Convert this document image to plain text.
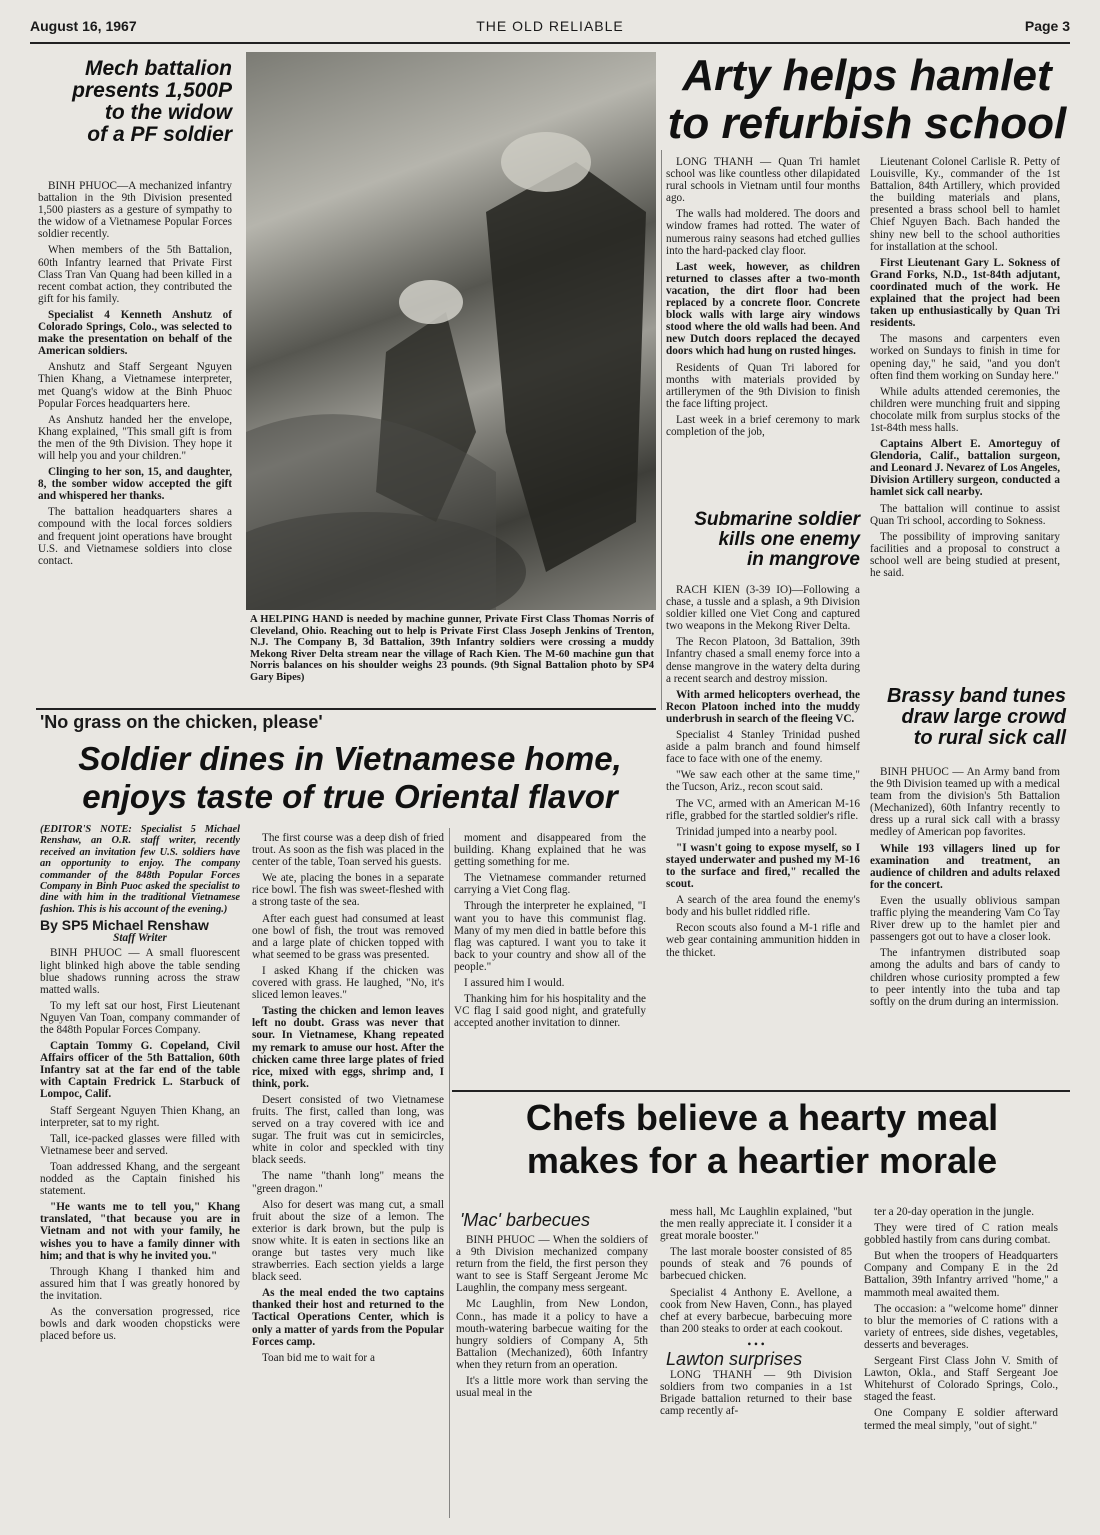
August 16, 1967	THE OLD RELIABLE	Page 3
Mech battalion
presents 1,500P
to the widow
of a PF soldier

BINH PHUOC—A mechanized infantry battalion in the 9th Division presented 1,500 piasters as a gesture of sympathy to the widow of a Vietnamese Popular Forces soldier recently.

When members of the 5th Battalion, 60th Infantry learned that Private First Class Tran Van Quang had been killed in a recent combat action, they contributed the gift for his family.

Specialist 4 Kenneth Anshutz of Colorado Springs, Colo., was selected to make the presentation on behalf of the American soldiers.

Anshutz and Staff Sergeant Nguyen Thien Khang, a Vietnamese interpreter, met Quang's widow at the Binh Phuoc Popular Forces headquarters here.

As Anshutz handed her the envelope, Khang explained, "This small gift is from the men of the 9th Division. They hope it will help you and your children."

Clinging to her son, 15, and daughter, 8, the somber widow accepted the gift and whispered her thanks.

The battalion headquarters shares a compound with the local forces soldiers and frequent joint operations have brought U.S. and Vietnamese soldiers into close contact.

A HELPING HAND is needed by machine gunner, Private First Class Thomas Norris of Cleveland, Ohio. Reaching out to help is Private First Class Joseph Jenkins of Trenton, N.J. The Company B, 3d Battalion, 39th Infantry soldiers were crossing a muddy Mekong River Delta stream near the village of Rach Kien. The M-60 machine gun that Norris balances on his shoulder weighs 23 pounds. (9th Signal Battalion photo by SP4 Gary Bipes)
Arty helps hamlet
to refurbish school

LONG THANH — Quan Tri hamlet school was like countless other dilapidated rural schools in Vietnam until four months ago.

The walls had moldered. The doors and window frames had rotted. The water of numerous rainy seasons had etched gullies into the hard-packed clay floor.

Last week, however, as children returned to classes after a two-month vacation, the dirt floor had been replaced by a concrete floor. Concrete block walls with large airy windows stood where the old walls had been. And new Dutch doors replaced the decayed doors which had hung on rusted hinges.

Residents of Quan Tri labored for months with materials provided by artillerymen of the 9th Division to finish the face lifting project.

Last week in a brief ceremony to mark completion of the job,

Lieutenant Colonel Carlisle R. Petty of Louisville, Ky., commander of the 1st Battalion, 84th Artillery, which provided the building materials and plans, presented a brass school bell to hamlet Chief Nguyen Bach. Bach handed the shiny new bell to the school authorities for installation at the school.

First Lieutenant Gary L. Sokness of Grand Forks, N.D., 1st-84th adjutant, coordinated much of the work. He explained that the project had been taken up enthusiastically by Quan Tri residents.

The masons and carpenters even worked on Sundays to finish in time for opening day," he said, "and you don't often find them working on Sunday here."

While adults attended ceremonies, the children were munching fruit and sipping chocolate milk from surplus stocks of the 1st-84th mess halls.

Captains Albert E. Amorteguy of Glendoria, Calif., battalion surgeon, and Leonard J. Nevarez of Los Angeles, Division Artillery surgeon, conducted a hamlet sick call nearby.

The battalion will continue to assist Quan Tri school, according to Sokness.

The possibility of improving sanitary facilities and a proposal to construct a school well are being studied at present, he said.

Submarine soldier
kills one enemy
in mangrove

RACH KIEN (3-39 IO)—Following a chase, a tussle and a splash, a 9th Division soldier killed one Viet Cong and captured two weapons in the Mekong River Delta.

The Recon Platoon, 3d Battalion, 39th Infantry chased a small enemy force into a dense mangrove in the watery delta during a recent search and destroy mission.

With armed helicopters overhead, the Recon Platoon inched into the muddy underbrush in search of the fleeing VC.

Specialist 4 Stanley Trinidad pushed aside a palm branch and found himself face to face with one of the enemy.

"We saw each other at the same time," the Tucson, Ariz., recon scout said.

The VC, armed with an American M-16 rifle, grabbed for the startled soldier's rifle.

Trinidad jumped into a nearby pool.

"I wasn't going to expose myself, so I stayed underwater and pushed my M-16 to the surface and fired," recalled the scout.

A search of the area found the enemy's body and his bullet riddled rifle.

Recon scouts also found a M-1 rifle and web gear containing ammunition hidden in the thicket.

Brassy band tunes
draw large crowd
to rural sick call

BINH PHUOC — An Army band from the 9th Division teamed up with a medical team from the division's 5th Battalion (Mechanized), 60th Infantry recently to dress up a rural sick call with a brassy medley of American pop favorites.

While 193 villagers lined up for examination and treatment, an audience of children and adults relaxed for the concert.

Even the usually oblivious sampan traffic plying the meandering Vam Co Tay River drew up to the hamlet pier and passengers got out to have a closer look.

The infantrymen distributed soap among the adults and bars of candy to children whose curiosity prompted a few to peer intently into the tuba and tap softly on the drum during an intermission.

'No grass on the chicken, please'
Soldier dines in Vietnamese home,
enjoys taste of true Oriental flavor

(EDITOR'S NOTE: Specialist 5 Michael Renshaw, an O.R. staff writer, recently received an invitation few U.S. soldiers have an opportunity to enjoy. The company commander of the 848th Popular Forces Company in Binh Puoc asked the specialist to dine with him in the traditional Vietnamese fashion. This is his account of the evening.)

By SP5 Michael Renshaw
Staff Writer

BINH PHUOC — A small fluorescent light blinked high above the table sending blue shadows running across the straw matted walls.

To my left sat our host, First Lieutenant Nguyen Van Toan, company commander of the 848th Popular Forces Company.

Captain Tommy G. Copeland, Civil Affairs officer of the 5th Battalion, 60th Infantry sat at the far end of the table with Captain Fredrick L. Starbuck of Lompoc, Calif.

Staff Sergeant Nguyen Thien Khang, an interpreter, sat to my right.

Tall, ice-packed glasses were filled with Vietnamese beer and served.

Toan addressed Khang, and the sergeant nodded as the Captain finished his statement.

"He wants me to tell you," Khang translated, "that because you are in Vietnam and not with your family, he wishes you to have a family dinner with him; and that is why he invited you."

Through Khang I thanked him and assured him that I was greatly honored by the invitation.

As the conversation progressed, rice bowls and dark wooden chopsticks were placed before us.

The first course was a deep dish of fried trout. As soon as the fish was placed in the center of the table, Toan served his guests.

We ate, placing the bones in a separate rice bowl. The fish was sweet-fleshed with a strong taste of the sea.

After each guest had consumed at least one bowl of fish, the trout was removed and a large plate of chicken topped with what seemed to be grass was presented.

I asked Khang if the chicken was covered with grass. He laughed, "No, it's sliced lemon leaves."

Tasting the chicken and lemon leaves left no doubt. Grass was never that sour. In Vietnamese, Khang repeated my remark to amuse our host. After the chicken came three large plates of fried rice, mixed with eggs, shrimp and, I think, pork.

Desert consisted of two Vietnamese fruits. The first, called than long, was served on a tray covered with ice and sugar. The fruit was cut in semicircles, white in color and speckled with tiny black seeds.

The name "thanh long" means the "green dragon."

Also for desert was mang cut, a small fruit about the size of a lemon. The exterior is dark brown, but the pulp is snow white. It is eaten in sections like an orange but tastes very much like strawberries. Each section yields a large black seed.

As the meal ended the two captains thanked their host and returned to the Tactical Operations Center, which is only a matter of yards from the Popular Forces camp.

Toan bid me to wait for a

moment and disappeared from the building. Khang explained that he was getting something for me.

The Vietnamese commander returned carrying a Viet Cong flag.

Through the interpreter he explained, "I want you to have this communist flag. Many of my men died in battle before this flag was captured. I want you to take it back to your country and show all of the people."

I assured him I would.

Thanking him for his hospitality and the VC flag I said good night, and gratefully accepted another invitation to dinner.

Chefs believe a hearty meal
makes for a heartier morale
'Mac' barbecues

BINH PHUOC — When the soldiers of a 9th Division mechanized company return from the field, the first person they want to see is Staff Sergeant Jerome Mc Laughlin, the company mess sergeant.

Mc Laughlin, from New London, Conn., has made it a policy to have a mouth-watering barbecue waiting for the hungry soldiers of Company A, 5th Battalion (Mechanized), 60th Infantry when they return from an operation.

It's a little more work than serving the usual meal in the

mess hall, Mc Laughlin explained, "but the men really appreciate it. I consider it a great morale booster."

The last morale booster consisted of 85 pounds of steak and 76 pounds of barbecued chicken.

Specialist 4 Anthony E. Avellone, a cook from New Haven, Conn., has played chef at every barbecue, barbecuing more than 200 steaks to order at each cookout.

• • •
Lawton surprises

LONG THANH — 9th Division soldiers from two companies in a 1st Brigade battalion returned to their base camp recently af-

ter a 20-day operation in the jungle.

They were tired of C ration meals gobbled hastily from cans during combat.

But when the troopers of Headquarters Company and Company E in the 2d Battalion, 39th Infantry arrived "home," a mammoth meal awaited them.

The occasion: a "welcome home" dinner to blur the memories of C rations with a variety of entrees, side dishes, vegetables, desserts and beverages.

Sergeant First Class John V. Smith of Lawton, Okla., and Staff Sergeant Joe Whitehurst of Colorado Springs, Colo., staged the feast.

One Company E soldier afterward termed the meal simply, "out of sight."
